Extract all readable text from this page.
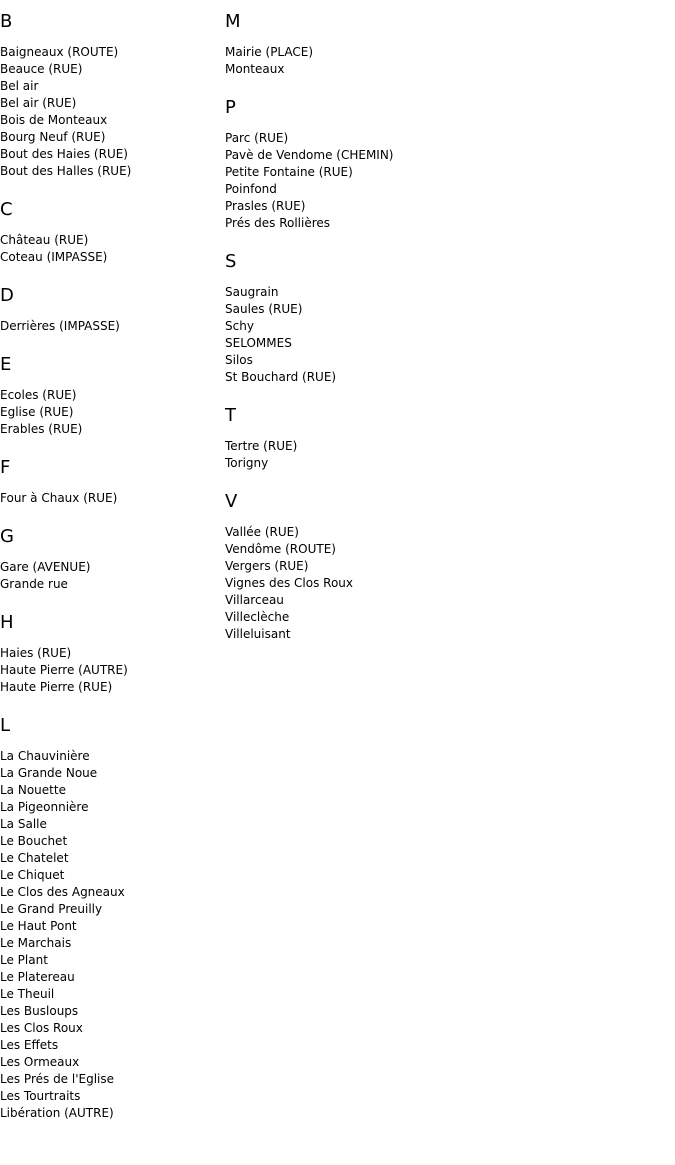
B
Baigneaux (ROUTE)
Beauce (RUE)
Bel air
Bel air (RUE)
Bois de Monteaux
Bourg Neuf (RUE)
Bout des Haies (RUE)
Bout des Halles (RUE)
C
Château (RUE)
Coteau (IMPASSE)
D
Derrières (IMPASSE)
E
Ecoles (RUE)
Eglise (RUE)
Erables (RUE)
F
Four à Chaux (RUE)
G
Gare (AVENUE)
Grande rue
H
Haies (RUE)
Haute Pierre (AUTRE)
Haute Pierre (RUE)
L
La Chauvinière
La Grande Noue
La Nouette
La Pigeonnière
La Salle
Le Bouchet
Le Chatelet
Le Chiquet
Le Clos des Agneaux
Le Grand Preuilly
Le Haut Pont
Le Marchais
Le Plant
Le Platereau
Le Theuil
Les Busloups
Les Clos Roux
Les Effets
Les Ormeaux
Les Prés de l'Eglise
Les Tourtraits
Libération (AUTRE)
M
Mairie (PLACE)
Monteaux
P
Parc (RUE)
Pavè de Vendome (CHEMIN)
Petite Fontaine (RUE)
Poinfond
Prasles (RUE)
Prés des Rollières
S
Saugrain
Saules (RUE)
Schy
SELOMMES
Silos
St Bouchard (RUE)
T
Tertre (RUE)
Torigny
V
Vallée (RUE)
Vendôme (ROUTE)
Vergers (RUE)
Vignes des Clos Roux
Villarceau
Villeclèche
Villeluisant
